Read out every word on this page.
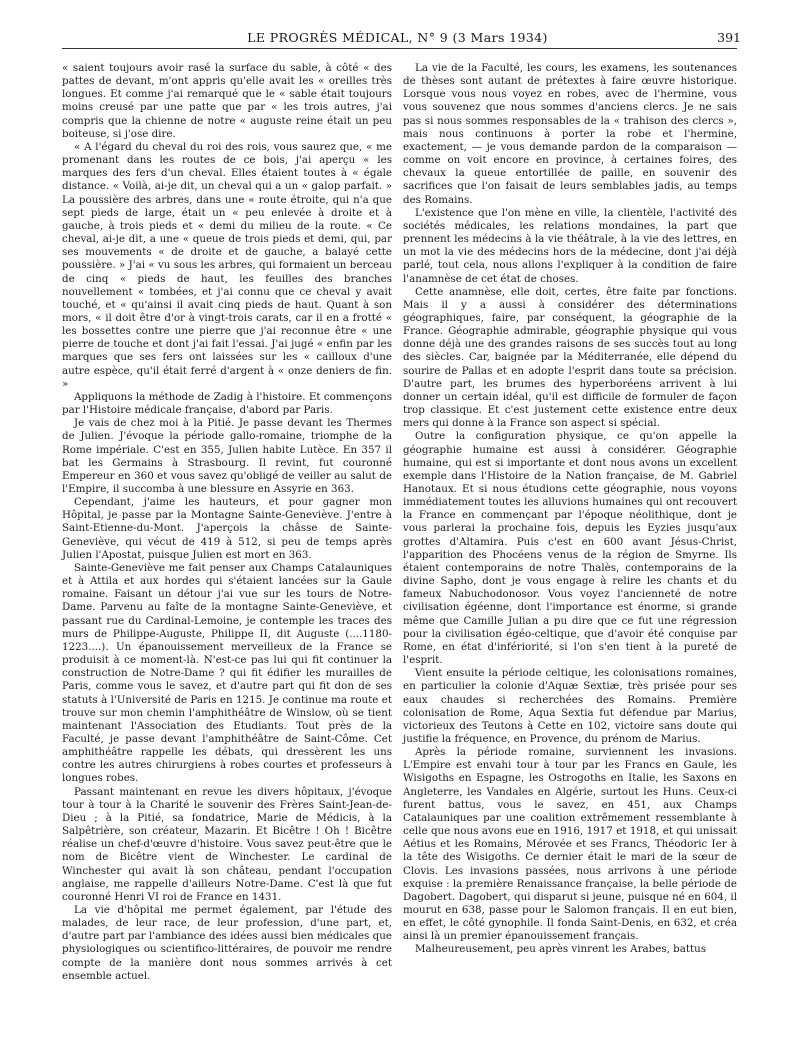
LE PROGRÈS MÉDICAL, N° 9 (3 Mars 1934)	391

« saient toujours avoir rasé la surface du sable, à côté « des pattes de devant, m'ont appris qu'elle avait les « oreilles très longues. Et comme j'ai remarqué que le « sable était toujours moins creusé par une patte que par « les trois autres, j'ai compris que la chienne de notre « auguste reine était un peu boiteuse, si j'ose dire.

« A l'égard du cheval du roi des rois, vous saurez que, « me promenant dans les routes de ce bois, j'ai aperçu « les marques des fers d'un cheval. Elles étaient toutes à « égale distance. « Voilà, ai-je dit, un cheval qui a un « galop parfait. » La poussière des arbres, dans une « route étroite, qui n'a que sept pieds de large, était un « peu enlevée à droite et à gauche, à trois pieds et « demi du milieu de la route. « Ce cheval, ai-je dit, a une « queue de trois pieds et demi, qui, par ses mouvements « de droite et de gauche, a balayé cette poussière. » J'ai « vu sous les arbres, qui formaient un berceau de cinq « pieds de haut, les feuilles des branches nouvellement « tombées, et j'ai connu que ce cheval y avait touché, et « qu'ainsi il avait cinq pieds de haut. Quant à son mors, « il doit être d'or à vingt-trois carats, car il en a frotté « les bossettes contre une pierre que j'ai reconnue être « une pierre de touche et dont j'ai fait l'essai. J'ai jugé « enfin par les marques que ses fers ont laissées sur les « cailloux d'une autre espèce, qu'il était ferré d'argent à « onze deniers de fin. »

Appliquons la méthode de Zadig à l'histoire. Et commençons par l'Histoire médicale française, d'abord par Paris.

Je vais de chez moi à la Pitié. Je passe devant les Thermes de Julien. J'évoque la période gallo-romaine, triomphe de la Rome impériale. C'est en 355, Julien habite Lutèce. En 357 il bat les Germains à Strasbourg. Il revint, fut couronné Empereur en 360 et vous savez qu'obligé de veiller au salut de l'Empire, il succomba à une blessure en Assyrie en 363.

Cependant, j'aime les hauteurs, et pour gagner mon Hôpital, je passe par la Montagne Sainte-Geneviève. J'entre à Saint-Etienne-du-Mont. J'aperçois la châsse de Sainte-Geneviève, qui vécut de 419 à 512, si peu de temps après Julien l'Apostat, puisque Julien est mort en 363.

Sainte-Geneviève me fait penser aux Champs Catalauniques et à Attila et aux hordes qui s'étaient lancées sur la Gaule romaine. Faisant un détour j'ai vue sur les tours de Notre-Dame. Parvenu au faîte de la montagne Sainte-Geneviève, et passant rue du Cardinal-Lemoine, je contemple les traces des murs de Philippe-Auguste, Philippe II, dit Auguste (....1180-1223....). Un épanouissement merveilleux de la France se produisit à ce moment-là. N'est-ce pas lui qui fit continuer la construction de Notre-Dame ? qui fit édifier les murailles de Paris, comme vous le savez, et d'autre part qui fit don de ses statuts à l'Université de Paris en 1215. Je continue ma route et trouve sur mon chemin l'amphithéâtre de Winslow, où se tient maintenant l'Association des Etudiants. Tout près de la Faculté, je passe devant l'amphithéâtre de Saint-Côme. Cet amphithéâtre rappelle les débats, qui dressèrent les uns contre les autres chirurgiens à robes courtes et professeurs à longues robes.

Passant maintenant en revue les divers hôpitaux, j'évoque tour à tour à la Charité le souvenir des Frères Saint-Jean-de-Dieu ; à la Pitié, sa fondatrice, Marie de Médicis, à la Salpêtrière, son créateur, Mazarin. Et Bicêtre ! Oh ! Bicêtre réalise un chef-d'œuvre d'histoire. Vous savez peut-être que le nom de Bicêtre vient de Winchester. Le cardinal de Winchester qui avait là son château, pendant l'occupation anglaise, me rappelle d'ailleurs Notre-Dame. C'est là que fut couronné Henri VI roi de France en 1431.

La vie d'hôpital me permet également, par l'étude des malades, de leur race, de leur profession, d'une part, et, d'autre part par l'ambiance des idées aussi bien médicales que physiologiques ou scientifico-littéraires, de pouvoir me rendre compte de la manière dont nous sommes arrivés à cet ensemble actuel.

La vie de la Faculté, les cours, les examens, les soutenances de thèses sont autant de prétextes à faire œuvre historique. Lorsque vous nous voyez en robes, avec de l'hermine, vous vous souvenez que nous sommes d'anciens clercs. Je ne sais pas si nous sommes responsables de la « trahison des clercs », mais nous continuons à porter la robe et l'hermine, exactement, — je vous demande pardon de la comparaison — comme on voit encore en province, à certaines foires, des chevaux la queue entortillée de paille, en souvenir des sacrifices que l'on faisait de leurs semblables jadis, au temps des Romains.

L'existence que l'on mène en ville, la clientèle, l'activité des sociétés médicales, les relations mondaines, la part que prennent les médecins à la vie théâtrale, à la vie des lettres, en un mot la vie des médecins hors de la médecine, dont j'ai déjà parlé, tout cela, nous allons l'expliquer à la condition de faire l'anamnèse de cet état de choses.

Cette anamnèse, elle doit, certes, être faite par fonctions. Mais il y a aussi à considérer des déterminations géographiques, faire, par conséquent, la géographie de la France. Géographie admirable, géographie physique qui vous donne déjà une des grandes raisons de ses succès tout au long des siècles. Car, baignée par la Méditerranée, elle dépend du sourire de Pallas et en adopte l'esprit dans toute sa précision. D'autre part, les brumes des hyperboréens arrivent à lui donner un certain idéal, qu'il est difficile de formuler de façon trop classique. Et c'est justement cette existence entre deux mers qui donne à la France son aspect si spécial.

Outre la configuration physique, ce qu'on appelle la géographie humaine est aussi à considérer. Géographie humaine, qui est si importante et dont nous avons un excellent exemple dans l'Histoire de la Nation française, de M. Gabriel Hanotaux. Et si nous étudions cette géographie, nous voyons immédiatement toutes les alluvions humaines qui ont recouvert la France en commençant par l'époque néolithique, dont je vous parlerai la prochaine fois, depuis les Eyzies jusqu'aux grottes d'Altamira. Puis c'est en 600 avant Jésus-Christ, l'apparition des Phocéens venus de la région de Smyrne. Ils étaient contemporains de notre Thalès, contemporains de la divine Sapho, dont je vous engage à relire les chants et du fameux Nabuchodonosor. Vous voyez l'ancienneté de notre civilisation égéenne, dont l'importance est énorme, si grande même que Camille Julian a pu dire que ce fut une régression pour la civilisation égéo-celtique, que d'avoir été conquise par Rome, en état d'infériorité, si l'on s'en tient à la pureté de l'esprit.

Vient ensuite la période celtique, les colonisations romaines, en particulier la colonie d'Aquæ Sextiæ, très prisée pour ses eaux chaudes si recherchées des Romains. Première colonisation de Rome, Aqua Sextia fut défendue par Marius, victorieux des Teutons à Cette en 102, victoire sans doute qui justifie la fréquence, en Provence, du prénom de Marius.

Après la période romaine, surviennent les invasions. L'Empire est envahi tour à tour par les Francs en Gaule, les Wisigoths en Espagne, les Ostrogoths en Italie, les Saxons en Angleterre, les Vandales en Algérie, surtout les Huns. Ceux-ci furent battus, vous le savez, en 451, aux Champs Catalauniques par une coalition extrêmement ressemblante à celle que nous avons eue en 1916, 1917 et 1918, et qui unissait Aétius et les Romains, Mérovée et ses Francs, Théodoric Ier à la tête des Wisigoths. Ce dernier était le mari de la sœur de Clovis. Les invasions passées, nous arrivons à une période exquise : la première Renaissance française, la belle période de Dagobert. Dagobert, qui disparut si jeune, puisque né en 604, il mourut en 638, passe pour le Salomon français. Il en eut bien, en effet, le côté gynophile. Il fonda Saint-Denis, en 632, et créa ainsi là un premier épanouissement français.

Malheureusement, peu après vinrent les Arabes, battus
